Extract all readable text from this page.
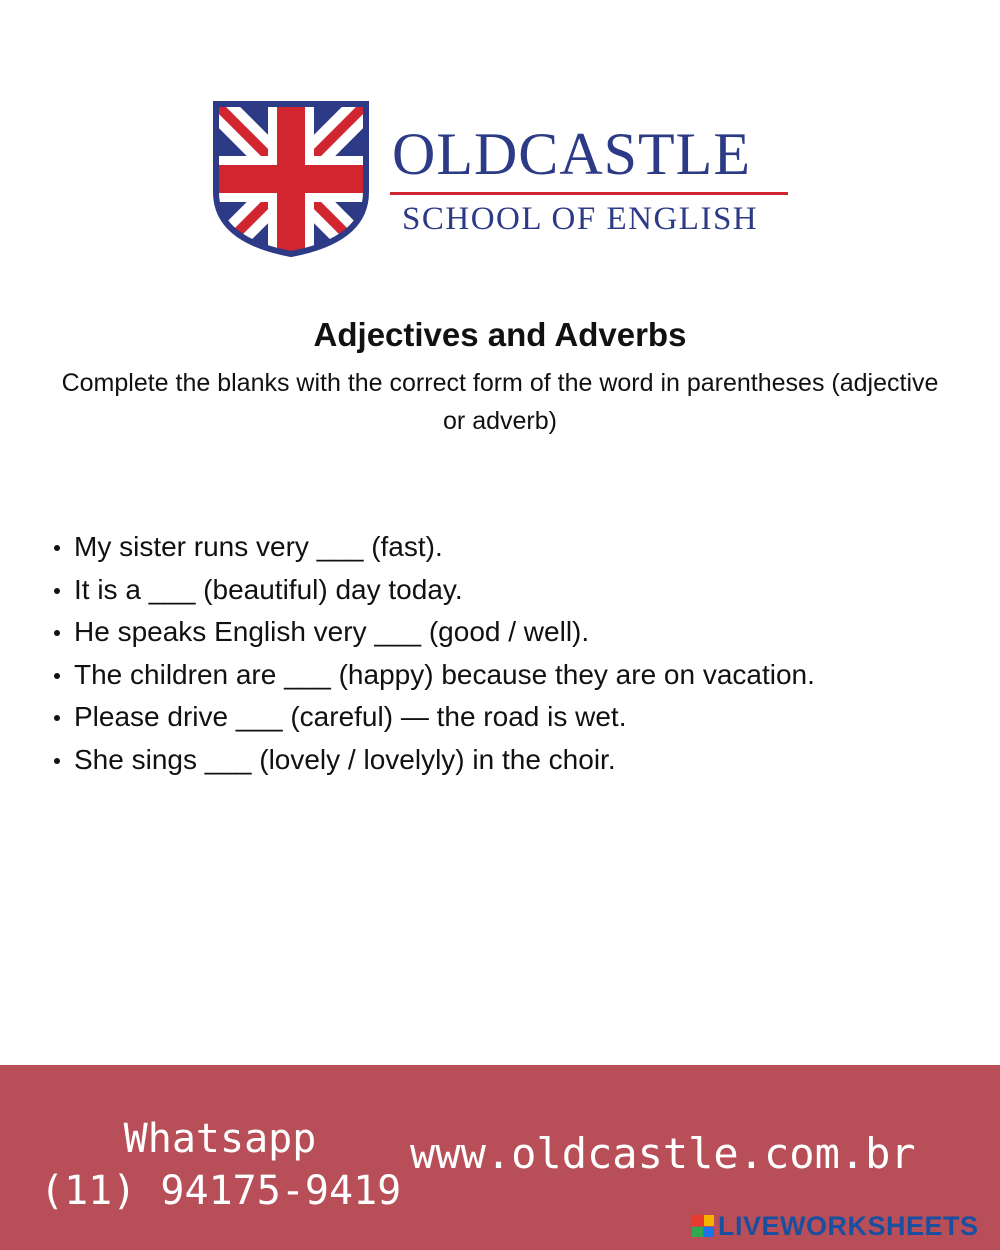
OLDCASTLE
SCHOOL OF ENGLISH
Adjectives and Adverbs

Complete the blanks with the correct form of the word in parentheses (adjective or adverb)

My sister runs very ___ (fast).
It is a ___ (beautiful) day today.
He speaks English very ___ (good / well).
The children are ___ (happy) because they are on vacation.
Please drive ___ (careful) — the road is wet.
She sings ___ (lovely / lovelyly) in the choir.
Whatsapp
(11) 94175-9419
www.oldcastle.com.br
LIVEWORKSHEETS
